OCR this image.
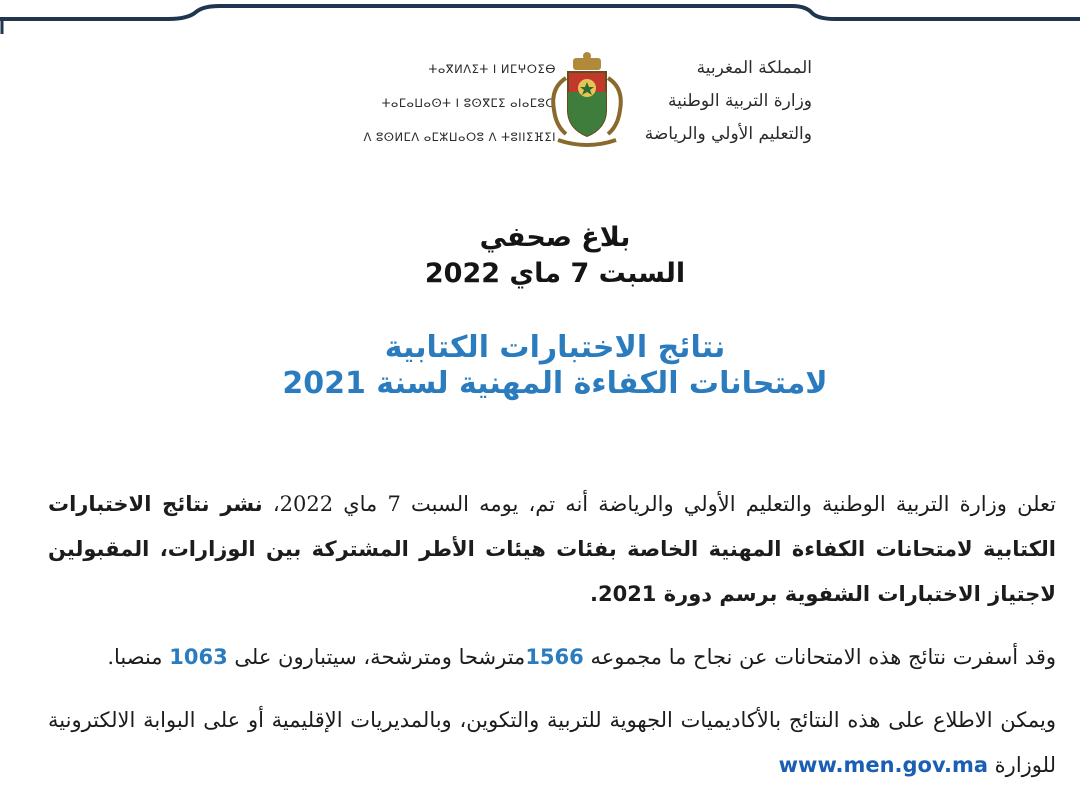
المملكة المغربية
وزارة التربية الوطنية
والتعليم الأولي والرياضة
ⵜⴰⴳⵍⴷⵉⵜ ⵏ ⵍⵎⵖⵔⵉⴱ
ⵜⴰⵎⴰⵡⴰⵙⵜ ⵏ ⵓⵙⴳⵎⵉ ⴰⵏⴰⵎⵓⵔ
ⴷ ⵓⵙⵍⵎⴷ ⴰⵎⵣⵡⴰⵔⵓ ⴷ ⵜⵓⵏⵏⵉⴼⵉⵏ
بلاغ صحفي
السبت 7 ماي 2022
نتائج الاختبارات الكتابية
لامتحانات الكفاءة المهنية لسنة 2021

تعلن وزارة التربية الوطنية والتعليم الأولي والرياضة أنه تم، يومه السبت 7 ماي 2022، نشر نتائج الاختبارات الكتابية لامتحانات الكفاءة المهنية الخاصة بفئات هيئات الأطر المشتركة بين الوزارات، المقبولين لاجتياز الاختبارات الشفوية برسم دورة 2021.

وقد أسفرت نتائج هذه الامتحانات عن نجاح ما مجموعه 1566مترشحا ومترشحة، سيتبارون على 1063 منصبا.

ويمكن الاطلاع على هذه النتائج بالأكاديميات الجهوية للتربية والتكوين، وبالمديريات الإقليمية أو على البوابة الالكترونية للوزارة www.men.gov.ma
